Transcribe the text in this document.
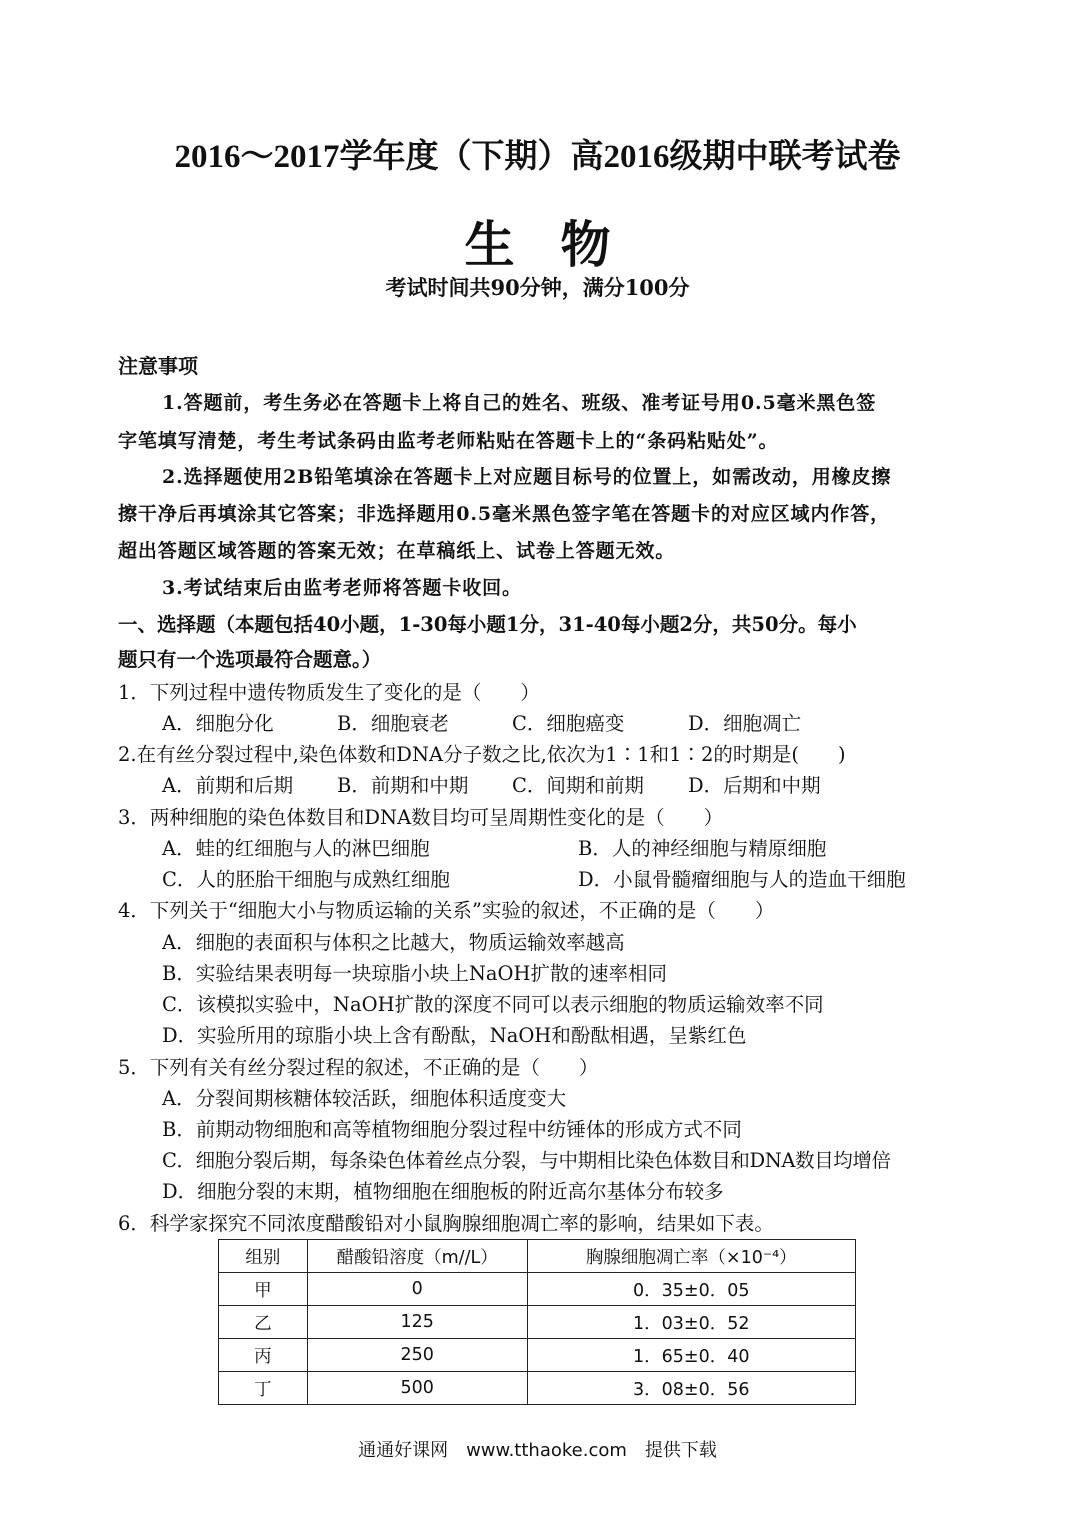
2016～2017学年度（下期）高2016级期中联考试卷
生 物
考试时间共90分钟，满分100分
注意事项
1.答题前，考生务必在答题卡上将自己的姓名、班级、准考证号用0.5毫米黑色签
字笔填写清楚，考生考试条码由监考老师粘贴在答题卡上的“条码粘贴处”。
2.选择题使用2B铅笔填涂在答题卡上对应题目标号的位置上，如需改动，用橡皮擦
擦干净后再填涂其它答案；非选择题用0.5毫米黑色签字笔在答题卡的对应区域内作答，
超出答题区域答题的答案无效；在草稿纸上、试卷上答题无效。
3.考试结束后由监考老师将答题卡收回。
一、选择题（本题包括40小题，1-30每小题1分，31-40每小题2分，共50分。每小
题只有一个选项最符合题意。）
1．下列过程中遗传物质发生了变化的是（　　）
A．细胞分化	B．细胞衰老	C．细胞癌变	D．细胞凋亡
2.在有丝分裂过程中,染色体数和DNA分子数之比,依次为1∶1和1∶2的时期是(　　)
A．前期和后期 B．前期和中期 C．间期和前期 D．后期和中期
3．两种细胞的染色体数目和DNA数目均可呈周期性变化的是（　　）
A．蛙的红细胞与人的淋巴细胞	B．人的神经细胞与精原细胞
C．人的胚胎干细胞与成熟红细胞	D．小鼠骨髓瘤细胞与人的造血干细胞
4．下列关于“细胞大小与物质运输的关系”实验的叙述，不正确的是（　　）
A．细胞的表面积与体积之比越大，物质运输效率越高
B．实验结果表明每一块琼脂小块上NaOH扩散的速率相同
C．该模拟实验中，NaOH扩散的深度不同可以表示细胞的物质运输效率不同
D．实验所用的琼脂小块上含有酚酞，NaOH和酚酞相遇，呈紫红色
5．下列有关有丝分裂过程的叙述，不正确的是（　　）
A．分裂间期核糖体较活跃，细胞体积适度变大
B．前期动物细胞和高等植物细胞分裂过程中纺锤体的形成方式不同
C．细胞分裂后期，每条染色体着丝点分裂，与中期相比染色体数目和DNA数目均增倍
D．细胞分裂的末期，植物细胞在细胞板的附近高尔基体分布较多
6．科学家探究不同浓度醋酸铅对小鼠胸腺细胞凋亡率的影响，结果如下表。
组别	醋酸铅溶度（m//L）	胸腺细胞凋亡率（×10⁻⁴）
甲	0	0．35±0．05
乙	125	1．03±0．52
丙	250	1．65±0．40
丁	500	3．08±0．56
通通好课网　www.tthaoke.com　提供下载
